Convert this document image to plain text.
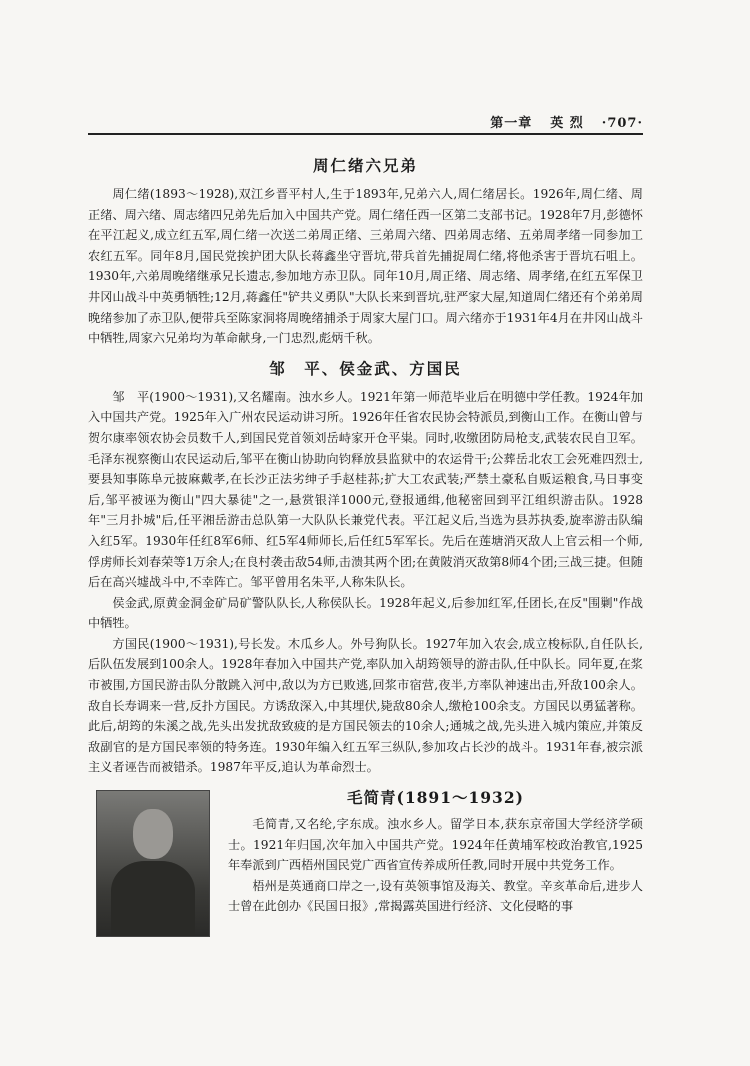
第一章 英 烈 ·707·
周仁绪六兄弟

周仁绪(1893～1928),双江乡晋平村人,生于1893年,兄弟六人,周仁绪居长。1926年,周仁绪、周正绪、周六绪、周志绪四兄弟先后加入中国共产党。周仁绪任西一区第二支部书记。1928年7月,彭德怀在平江起义,成立红五军,周仁绪一次送二弟周正绪、三弟周六绪、四弟周志绪、五弟周孝绪一同参加工农红五军。同年8月,国民党挨护团大队长蒋鑫坐守晋坑,带兵首先捕捉周仁绪,将他杀害于晋坑石咀上。1930年,六弟周晚绪继承兄长遗志,参加地方赤卫队。同年10月,周正绪、周志绪、周孝绪,在红五军保卫井冈山战斗中英勇牺牲;12月,蒋鑫任"铲共义勇队"大队长来到晋坑,驻严家大屋,知道周仁绪还有个弟弟周晚绪参加了赤卫队,便带兵至陈家洞将周晚绪捕杀于周家大屋门口。周六绪亦于1931年4月在井冈山战斗中牺牲,周家六兄弟均为革命献身,一门忠烈,彪炳千秋。

邹　平、侯金武、方国民

邹　平(1900～1931),又名耀南。浊水乡人。1921年第一师范毕业后在明德中学任教。1924年加入中国共产党。1925年入广州农民运动讲习所。1926年任省农民协会特派员,到衡山工作。在衡山曾与贺尔康率领农协会员数千人,到国民党首领刘岳峙家开仓平粜。同时,收缴团防局枪支,武装农民自卫军。毛泽东视察衡山农民运动后,邹平在衡山协助向钧释放县监狱中的农运骨干;公葬岳北农工会死难四烈士,要县知事陈阜元披麻戴孝,在长沙正法劣绅子手赵桂荪;扩大工农武装;严禁土豪私自贩运粮食,马日事变后,邹平被诬为衡山"四大暴徒"之一,悬赏银洋1000元,登报通缉,他秘密回到平江组织游击队。1928年"三月扑城"后,任平湘岳游击总队第一大队队长兼党代表。平江起义后,当选为县苏执委,旋率游击队编入红5军。1930年任红8军6师、红5军4师师长,后任红5军军长。先后在莲塘消灭敌人上官云相一个师,俘虏师长刘春荣等1万余人;在良村袭击敌54师,击溃其两个团;在黄陂消灭敌第8师4个团;三战三捷。但随后在高兴墟战斗中,不幸阵亡。邹平曾用名朱平,人称朱队长。

侯金武,原黄金洞金矿局矿警队队长,人称侯队长。1928年起义,后参加红军,任团长,在反"围剿"作战中牺牲。

方国民(1900～1931),号长发。木瓜乡人。外号狗队长。1927年加入农会,成立梭标队,自任队长,后队伍发展到100余人。1928年春加入中国共产党,率队加入胡筠领导的游击队,任中队长。同年夏,在浆市被围,方国民游击队分散跳入河中,敌以为方已败逃,回浆市宿营,夜半,方率队神速出击,歼敌100余人。敌自长寿调来一营,反扑方国民。方诱敌深入,中其埋伏,毙敌80余人,缴枪100余支。方国民以勇猛著称。此后,胡筠的朱溪之战,先头出发扰敌致疲的是方国民领去的10余人;通城之战,先头进入城内策应,并策反敌副官的是方国民率领的特务连。1930年编入红五军三纵队,参加攻占长沙的战斗。1931年春,被宗派主义者诬告而被错杀。1987年平反,追认为革命烈士。

毛简青(1891～1932)

毛简青,又名纶,字东成。浊水乡人。留学日本,获东京帝国大学经济学硕士。1921年归国,次年加入中国共产党。1924年任黄埔军校政治教官,1925年奉派到广西梧州国民党广西省宣传养成所任教,同时开展中共党务工作。

梧州是英通商口岸之一,设有英领事馆及海关、教堂。辛亥革命后,进步人士曾在此创办《民国日报》,常揭露英国进行经济、文化侵略的事
